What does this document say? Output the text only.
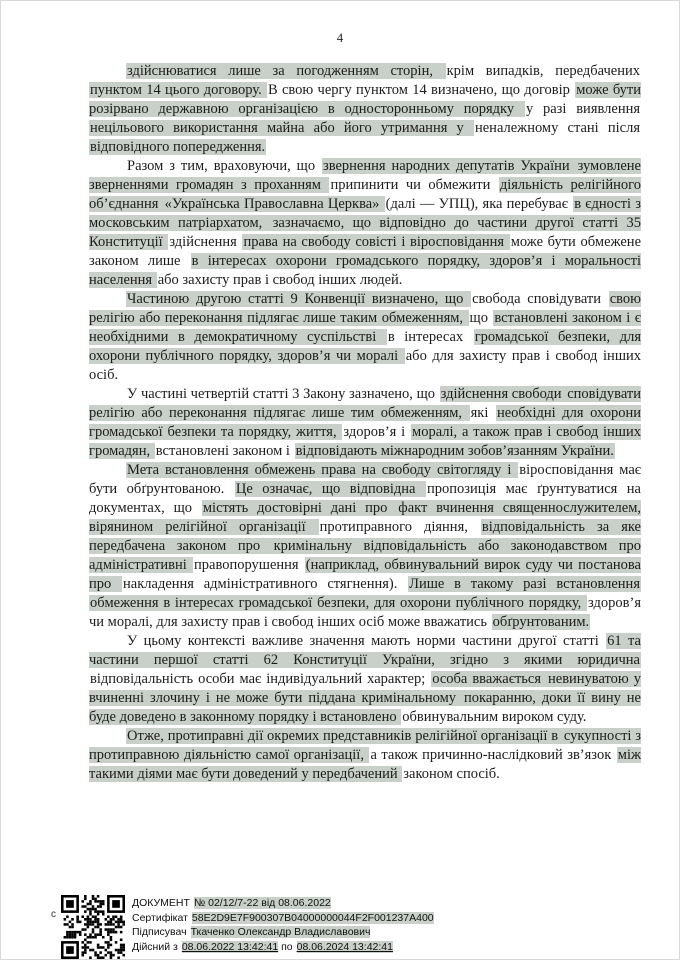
4

здійснюватися лише за погодженням сторін, крім випадків, передбачених пунктом 14 цього договору. В свою чергу пунктом 14 визначено, що договір може бути розірвано державною організацією в односторонньому порядку у разі виявлення нецільового використання майна або його утримання у неналежному стані після відповідного попередження.

Разом з тим, враховуючи, що звернення народних депутатів України зумовлене зверненнями громадян з проханням припинити чи обмежити діяльність релігійного об’єднання «Українська Православна Церква» (далі — УПЦ), яка перебуває в єдності з московським патріархатом, зазначаємо, що відповідно до частини другої статті 35 Конституції здійснення права на свободу совісті і віросповідання може бути обмежене законом лише в інтересах охорони громадського порядку, здоров’я і моральності населення або захисту прав і свобод інших людей.

Частиною другою статті 9 Конвенції визначено, що свобода сповідувати свою релігію або переконання підлягає лише таким обмеженням, що встановлені законом і є необхідними в демократичному суспільстві в інтересах громадської безпеки, для охорони публічного порядку, здоров’я чи моралі або для захисту прав і свобод інших осіб.

У частині четвертій статті 3 Закону зазначено, що здійснення свободи сповідувати релігію або переконання підлягає лише тим обмеженням, які необхідні для охорони громадської безпеки та порядку, життя, здоров’я і моралі, а також прав і свобод інших громадян, встановлені законом і відповідають міжнародним зобов’язанням України.

Мета встановлення обмежень права на свободу світогляду і віросповідання має бути обґрунтованою. Це означає, що відповідна пропозиція має ґрунтуватися на документах, що містять достовірні дані про факт вчинення священнослужителем, вірянином релігійної організації протиправного діяння, відповідальність за яке передбачена законом про кримінальну відповідальність або законодавством про адміністративні правопорушення (наприклад, обвинувальний вирок суду чи постанова про накладення адміністративного стягнення). Лише в такому разі встановлення обмеження в інтересах громадської безпеки, для охорони публічного порядку, здоров’я чи моралі, для захисту прав і свобод інших осіб може вважатись обґрунтованим.

У цьому контексті важливе значення мають норми частини другої статті 61 та частини першої статті 62 Конституції України, згідно з якими юридична відповідальність особи має індивідуальний характер; особа вважається невинуватою у вчиненні злочину і не може бути піддана кримінальному покаранню, доки її вину не буде доведено в законному порядку і встановлено обвинувальним вироком суду.

Отже, протиправні дії окремих представників релігійної організації в сукупності з протиправною діяльністю самої організації, а також причинно-наслідковий зв’язок між такими діями має бути доведений у передбачений законом спосіб.

с
ДОКУМЕНТ № 02/12/7-22 від 08.06.2022
Сертифікат 58E2D9E7F900307B04000000044F2F001237A400
Підписувач Ткаченко Олександр Владиславович
Дійсний з 08.06.2022 13:42:41 по 08.06.2024 13:42:41
